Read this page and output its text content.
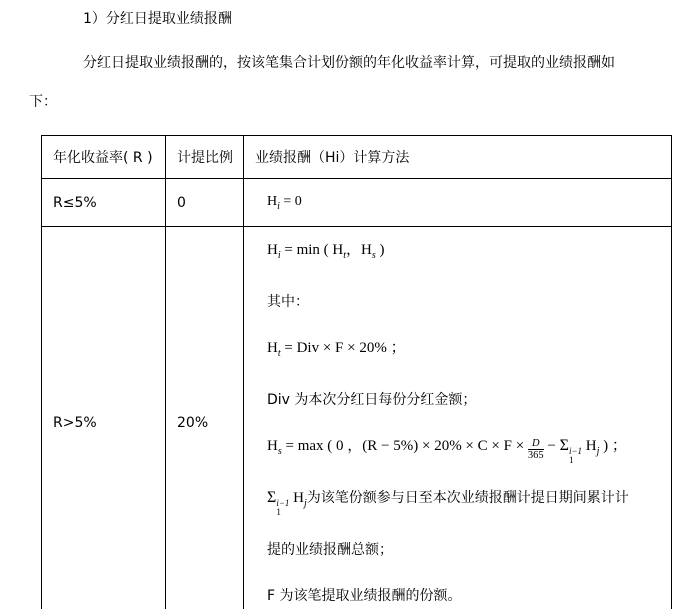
1）分红日提取业绩报酬

分红日提取业绩报酬的，按该笔集合计划份额的年化收益率计算，可提取的业绩报酬如

下：

年化收益率( R )	计提比例	业绩报酬（Hi）计算方法
R≤5%	0	$H_i = 0$
R>5%	20%	
$H_i = \min$ ( $H_t$，$H_s$ )
其中：
$H_t$ = Div × F × 20% ；
Div 为本次分红日每份分红金额；
$H_s = \max$ ( 0 ，$(R - 5\%) \times 20\% \times C \times F \times \frac{D}{365} - \Sigma$ i−1
1
$H_j$ ) ；
Σ i−1
1
$H_j$为该笔份额参与日至本次业绩报酬计提日期间累计计
提的业绩报酬总额；
F 为该笔提取业绩报酬的份额。
